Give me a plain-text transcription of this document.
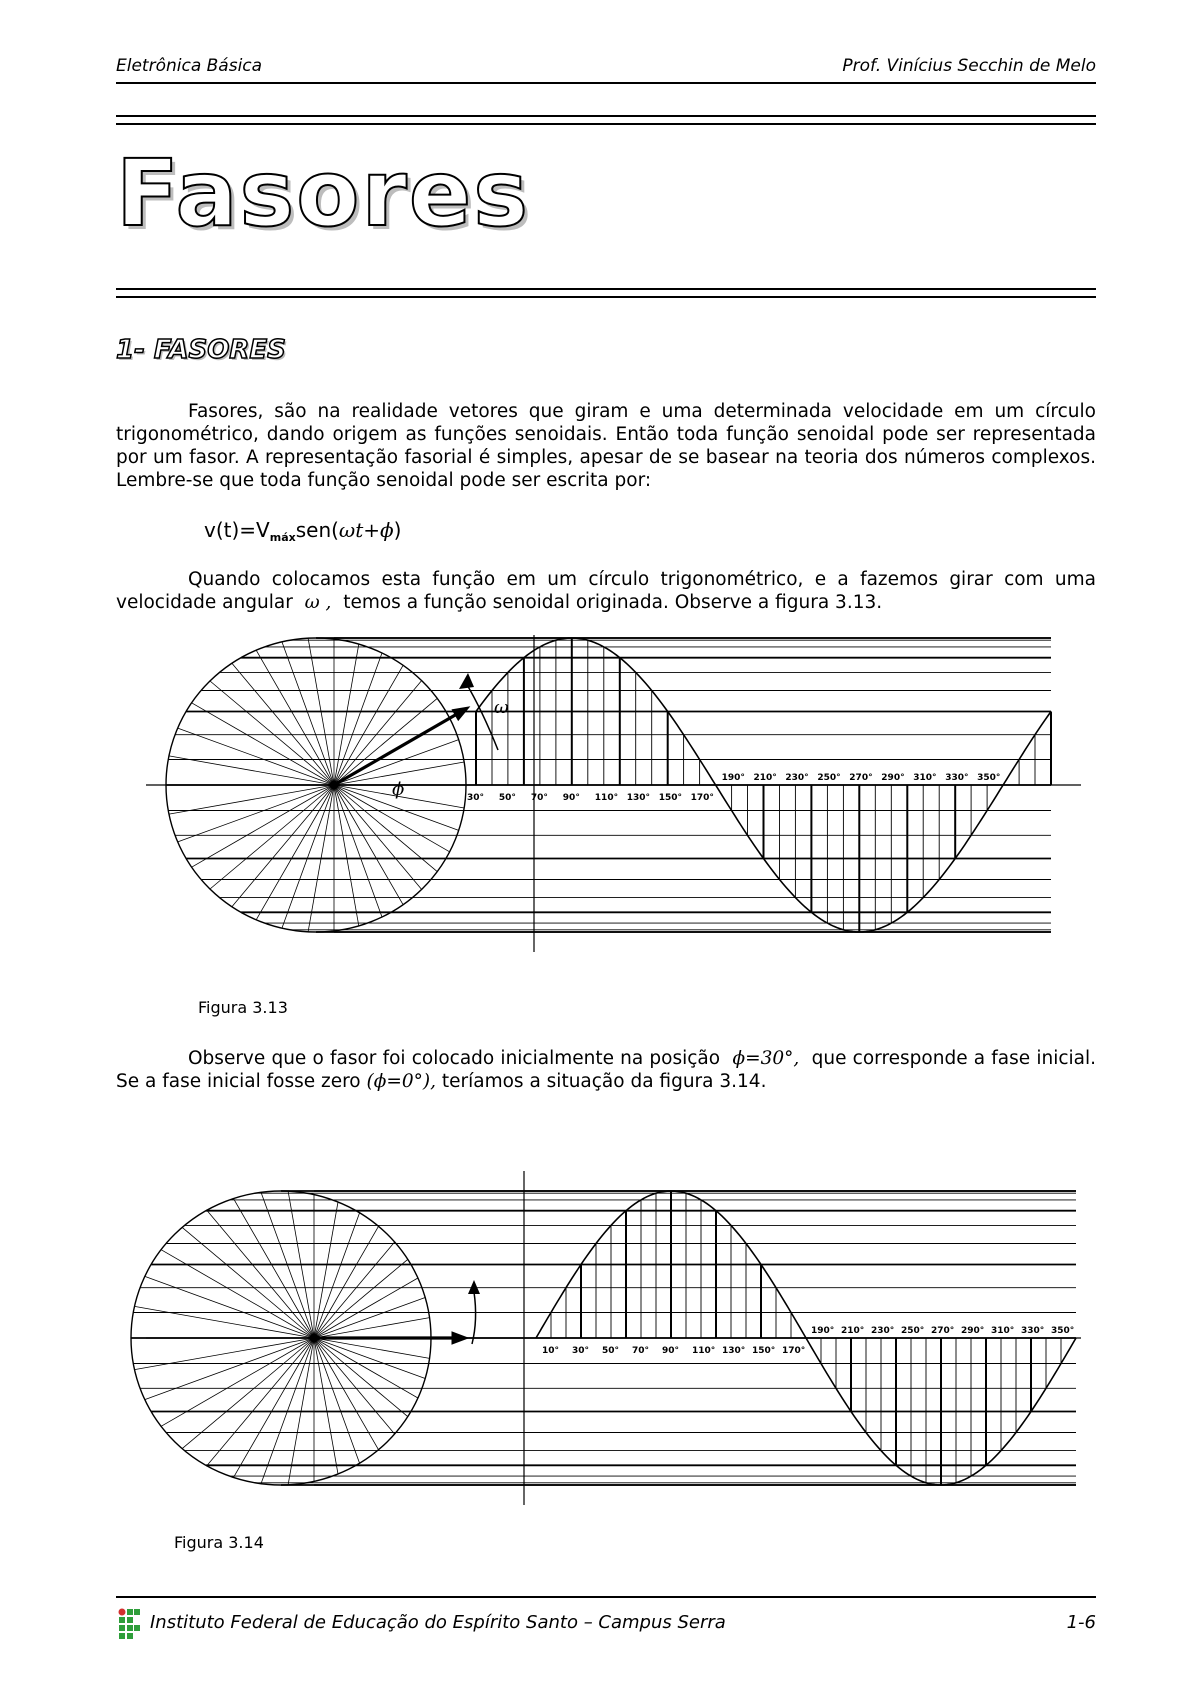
Eletrônica Básica	Prof. Vinícius Secchin de Melo
Fasores
1- FASORES
Fasores, são na realidade vetores que giram e uma determinada velocidade em um círculo trigonométrico, dando origem as funções senoidais. Então toda função senoidal pode ser representada por um fasor. A representação fasorial é simples, apesar de se basear na teoria dos números complexos. Lembre-se que toda função senoidal pode ser escrita por:
$v(t)=V_{máx}sen(\omega t+\phi)$
Quando colocamos esta função em um círculo trigonométrico, e a fazemos girar com uma velocidade angular ω , temos a função senoidal originada. Observe a figura 3.13.
ω
ϕ	30° 50° 70° 90° 110° 130° 150° 170°
190° 210° 230° 250° 270° 290° 310° 330° 350°
Figura 3.13
Observe que o fasor foi colocado inicialmente na posição ϕ=30°, que corresponde a fase inicial. Se a fase inicial fosse zero (ϕ=0°), teríamos a situação da figura 3.14.
10° 30° 50° 70° 90° 110° 130° 150° 170°
190° 210° 230° 250° 270° 290° 310° 330° 350°
Figura 3.14
Instituto Federal de Educação do Espírito Santo – Campus Serra	1-6
